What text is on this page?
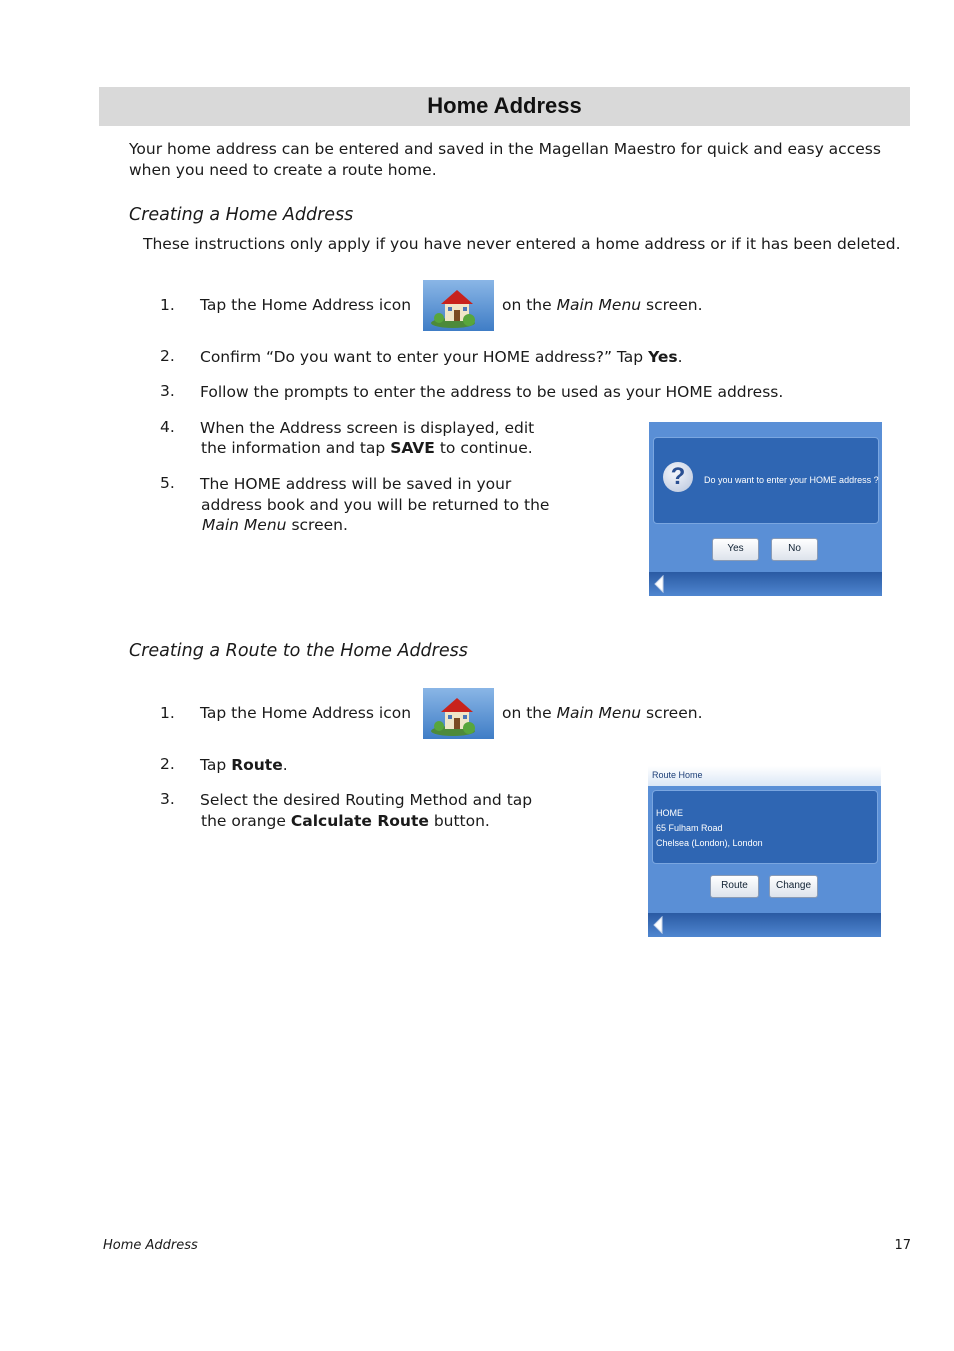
Home Address
Your home address can be entered and saved in the Magellan Maestro for quick and easy access when you need to create a route home.
Creating a Home Address
These instructions only apply if you have never entered a home address or if it has been deleted.
1. Tap the Home Address icon	on the Main Menu screen.
2. Confirm “Do you want to enter your HOME address?” Tap Yes.
3. Follow the prompts to enter the address to be used as your HOME address.
4. When the Address screen is displayed, edit
the information and tap SAVE to continue.
5. The HOME address will be saved in your
address book and you will be returned to the
Main Menu screen.
?	Do you want to enter your HOME address ?
Yes	No
Creating a Route to the Home Address
1. Tap the Home Address icon	on the Main Menu screen.
2. Tap Route.
3. Select the desired Routing Method and tap
the orange Calculate Route button.
Route Home
HOME
65 Fulham Road
Chelsea (London), London
Route	Change
Home Address	17
